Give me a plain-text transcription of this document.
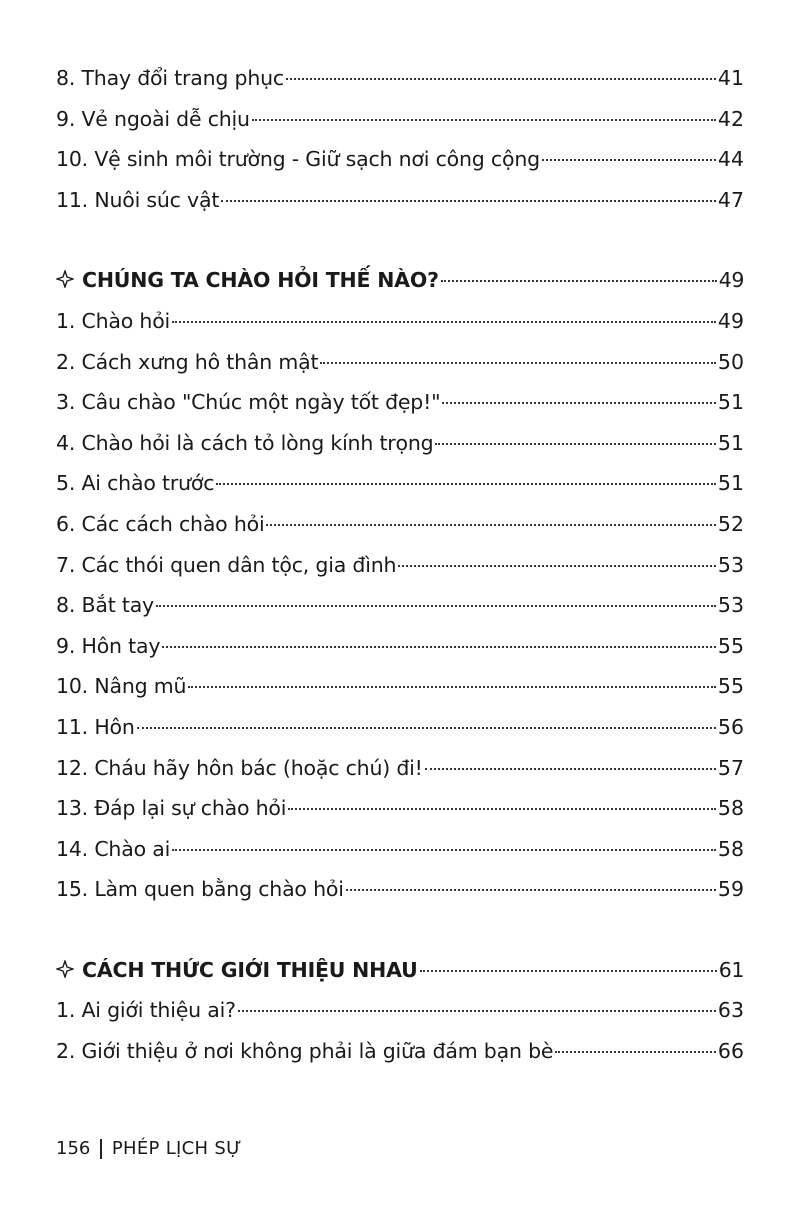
8. Thay đổi trang phục	41
9. Vẻ ngoài dễ chịu	42
10. Vệ sinh môi trường - Giữ sạch nơi công cộng	44
11. Nuôi súc vật	47
CHÚNG TA CHÀO HỎI THẾ NÀO?	49
1. Chào hỏi	49
2. Cách xưng hô thân mật	50
3. Câu chào "Chúc một ngày tốt đẹp!"	51
4. Chào hỏi là cách tỏ lòng kính trọng	51
5. Ai chào trước	51
6. Các cách chào hỏi	52
7. Các thói quen dân tộc, gia đình	53
8. Bắt tay	53
9. Hôn tay	55
10. Nâng mũ	55
11. Hôn	56
12. Cháu hãy hôn bác (hoặc chú) đi!	57
13. Đáp lại sự chào hỏi	58
14. Chào ai	58
15. Làm quen bằng chào hỏi	59
CÁCH THỨC GIỚI THIỆU NHAU	61
1. Ai giới thiệu ai?	63
2. Giới thiệu ở nơi không phải là giữa đám bạn bè	66
156 PHÉP LỊCH SỰ
